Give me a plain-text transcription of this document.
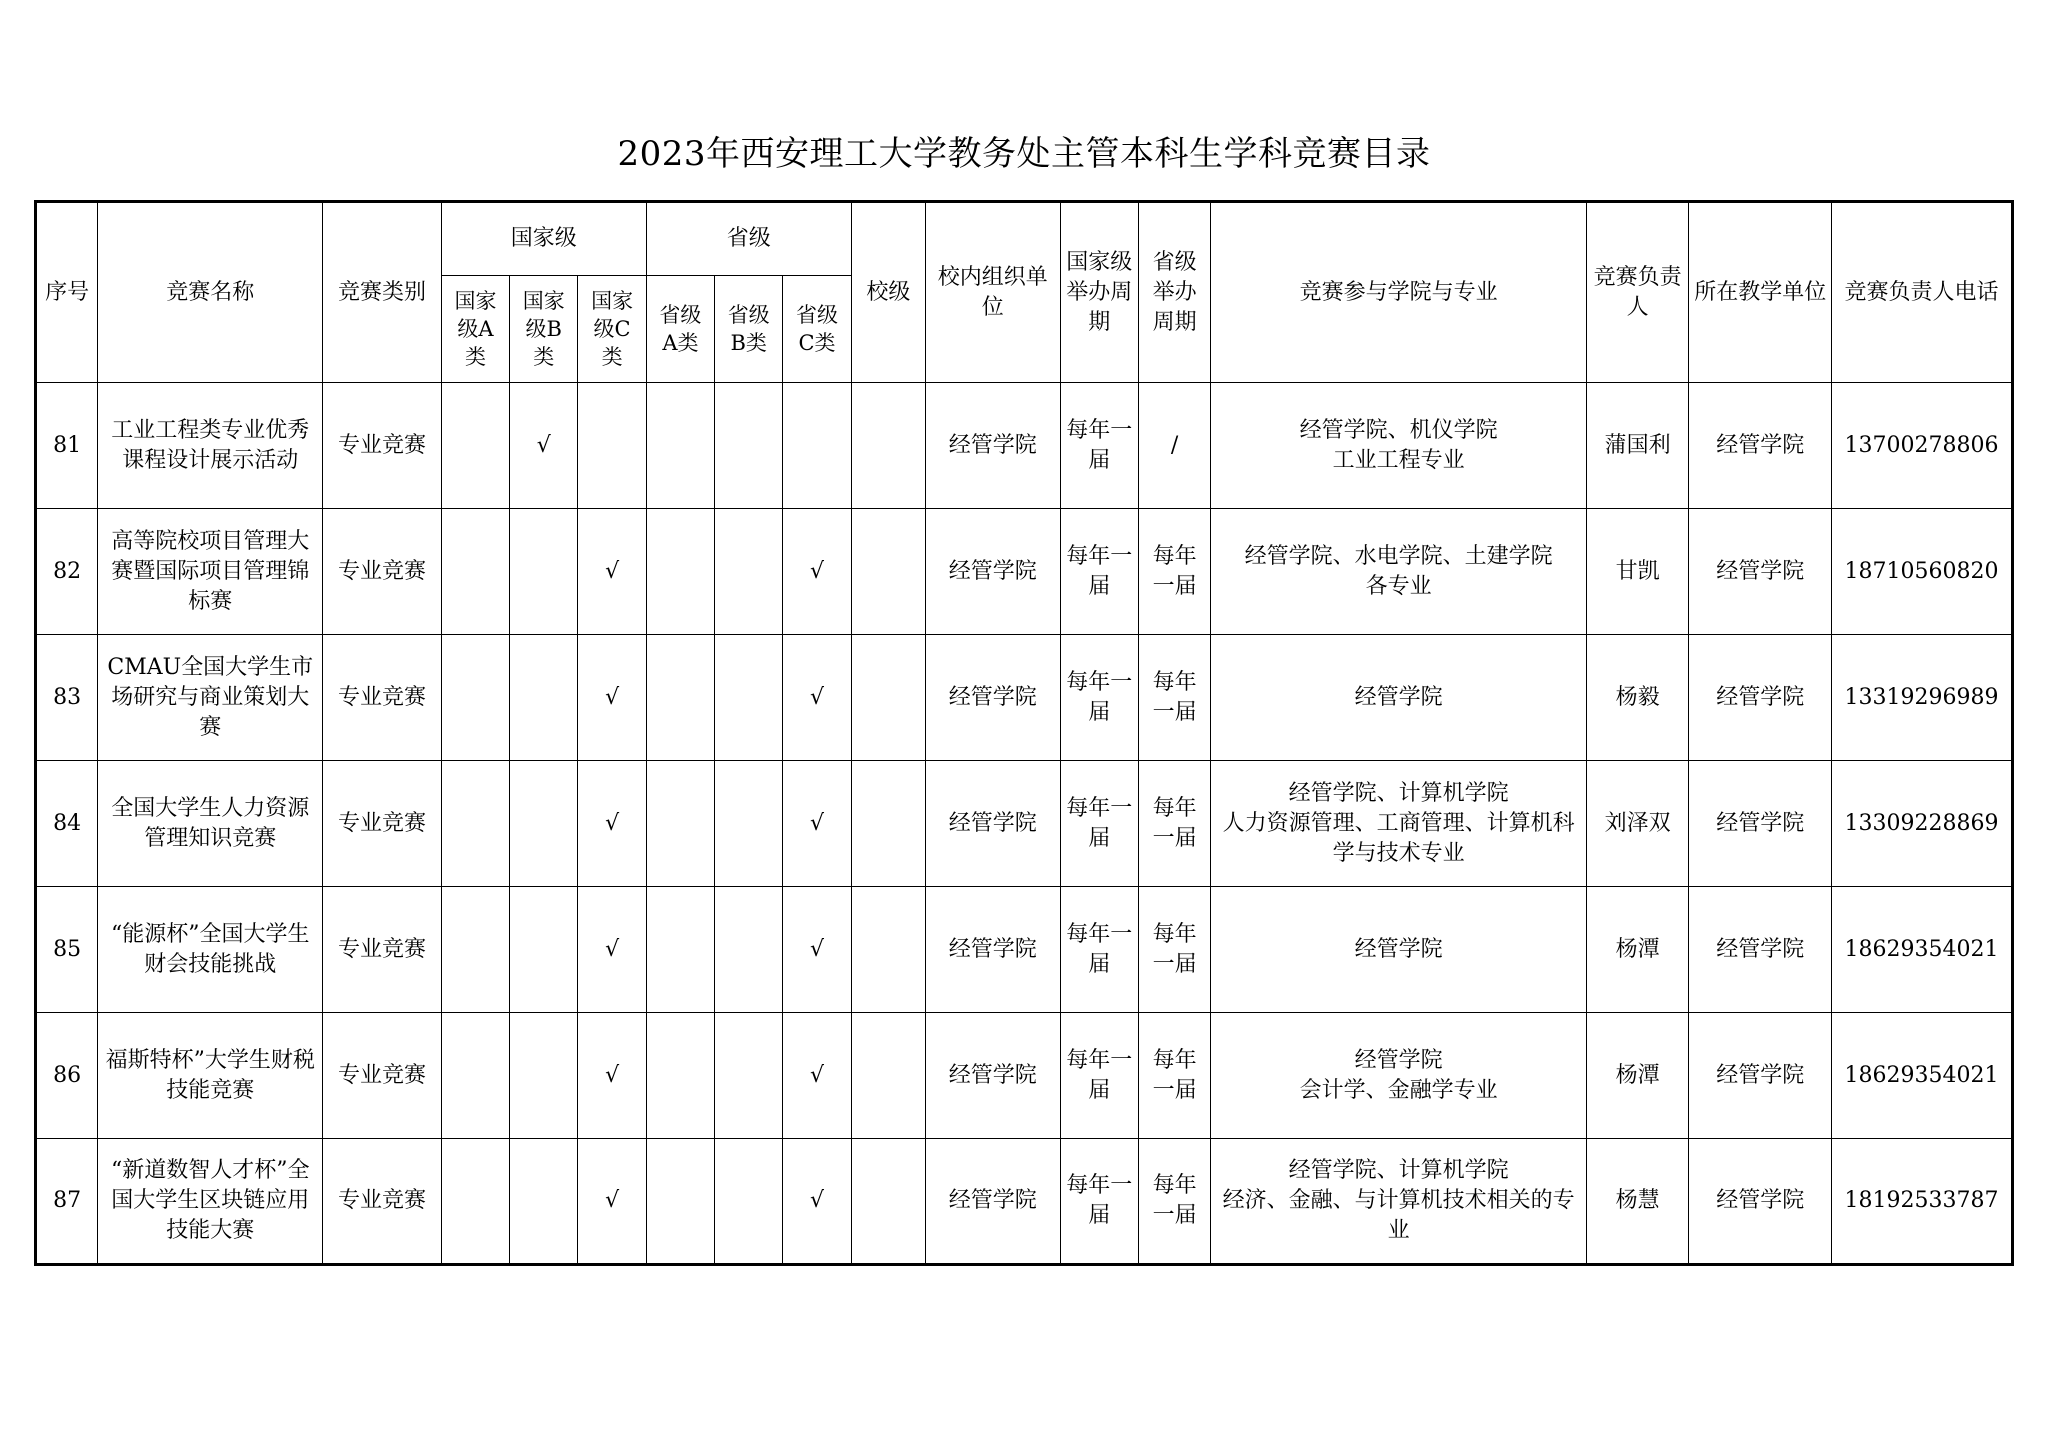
2023年西安理工大学教务处主管本科生学科竞赛目录
序号	竞赛名称	竞赛类别	国家级			省级			校级	校内组织单位	国家级举办周期	省级举办周期	竞赛参与学院与专业	竞赛负责人	所在教学单位	竞赛负责人电话
			国家级A类	国家级B类	国家级C类	省级A类	省级B类	省级C类								
81	工业工程类专业优秀课程设计展示活动	专业竞赛		√						经管学院	每年一届	/	经管学院、机仪学院
工业工程专业	蒲国利	经管学院	13700278806
82	高等院校项目管理大赛暨国际项目管理锦标赛	专业竞赛			√			√		经管学院	每年一届	每年一届	经管学院、水电学院、土建学院
各专业	甘凯	经管学院	18710560820
83	CMAU全国大学生市场研究与商业策划大赛	专业竞赛			√			√		经管学院	每年一届	每年一届	经管学院	杨毅	经管学院	13319296989
84	全国大学生人力资源管理知识竞赛	专业竞赛			√			√		经管学院	每年一届	每年一届	经管学院、计算机学院
人力资源管理、工商管理、计算机科学与技术专业	刘泽双	经管学院	13309228869
85	“能源杯”全国大学生财会技能挑战	专业竞赛			√			√		经管学院	每年一届	每年一届	经管学院	杨潭	经管学院	18629354021
86	福斯特杯”大学生财税技能竞赛	专业竞赛			√			√		经管学院	每年一届	每年一届	经管学院
会计学、金融学专业	杨潭	经管学院	18629354021
87	“新道数智人才杯”全国大学生区块链应用技能大赛	专业竞赛			√			√		经管学院	每年一届	每年一届	经管学院、计算机学院
经济、金融、与计算机技术相关的专业	杨慧	经管学院	18192533787
